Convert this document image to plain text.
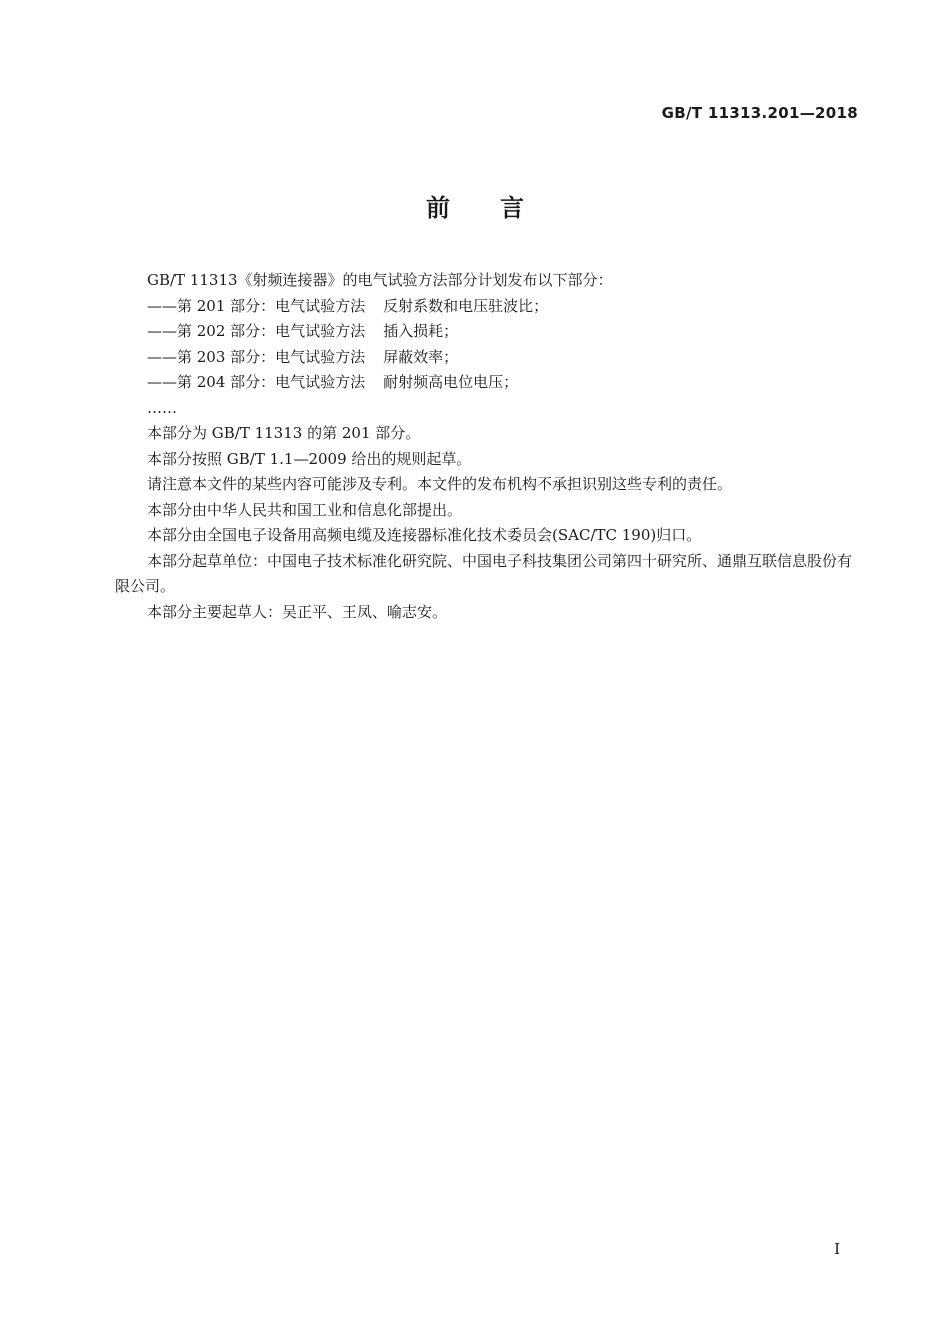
GB/T 11313.201—2018
前言

GB/T 11313《射频连接器》的电气试验方法部分计划发布以下部分：

——第 201 部分：电气试验方法 反射系数和电压驻波比；

——第 202 部分：电气试验方法 插入损耗；

——第 203 部分：电气试验方法 屏蔽效率；

——第 204 部分：电气试验方法 耐射频高电位电压；

……

本部分为 GB/T 11313 的第 201 部分。

本部分按照 GB/T 1.1—2009 给出的规则起草。

请注意本文件的某些内容可能涉及专利。本文件的发布机构不承担识别这些专利的责任。

本部分由中华人民共和国工业和信息化部提出。

本部分由全国电子设备用高频电缆及连接器标准化技术委员会(SAC/TC 190)归口。

本部分起草单位：中国电子技术标准化研究院、中国电子科技集团公司第四十研究所、通鼎互联信息股份有限公司。

本部分主要起草人：吴正平、王凤、喻志安。

I
